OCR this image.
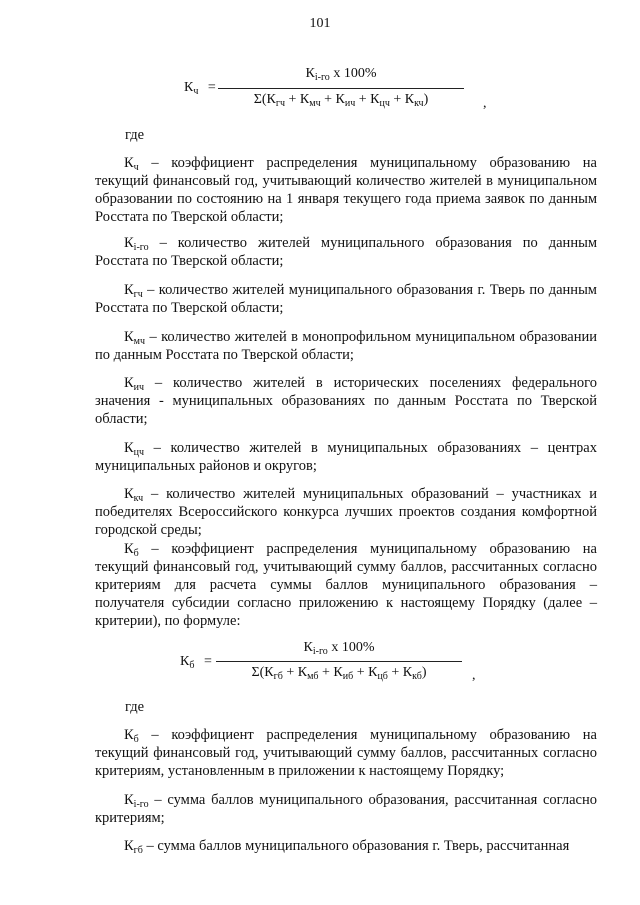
101
$К_ч$ =
$К_{i-го}$ х 100%
$\Sigma(К_{гч} + К_{мч} + К_{ич} + К_{цч} + К_{кч})$	,
где
$К_ч$ – коэффициент распределения муниципальному образованию на текущий финансовый год, учитывающий количество жителей в муниципальном образовании по состоянию на 1 января текущего года приема заявок по данным Росстата по Тверской области;
$К_{i-го}$ – количество жителей муниципального образования по данным Росстата по Тверской области;
$К_{гч}$ – количество жителей муниципального образования г. Тверь по данным Росстата по Тверской области;
$К_{мч}$ – количество жителей в монопрофильном муниципальном образовании по данным Росстата по Тверской области;
$К_{ич}$ – количество жителей в исторических поселениях федерального значения - муниципальных образованиях по данным Росстата по Тверской области;
$К_{цч}$ – количество жителей в муниципальных образованиях – центрах муниципальных районов и округов;
$К_{кч}$ – количество жителей муниципальных образований – участниках и победителях Всероссийского конкурса лучших проектов создания комфортной городской среды;
$К_б$ – коэффициент распределения муниципальному образованию на текущий финансовый год, учитывающий сумму баллов, рассчитанных согласно критериям для расчета суммы баллов муниципального образования – получателя субсидии согласно приложению к настоящему Порядку (далее – критерии), по формуле:
$К_б$ =
$К_{i-го}$ х 100%
$\Sigma(К_{гб} + К_{мб} + К_{иб} + К_{цб} + К_{кб})$	,
где
$К_б$ – коэффициент распределения муниципальному образованию на текущий финансовый год, учитывающий сумму баллов, рассчитанных согласно критериям, установленным в приложении к настоящему Порядку;
$К_{i-го}$ – сумма баллов муниципального образования, рассчитанная согласно критериям;
$К_{гб}$ – сумма баллов муниципального образования г. Тверь, рассчитанная
